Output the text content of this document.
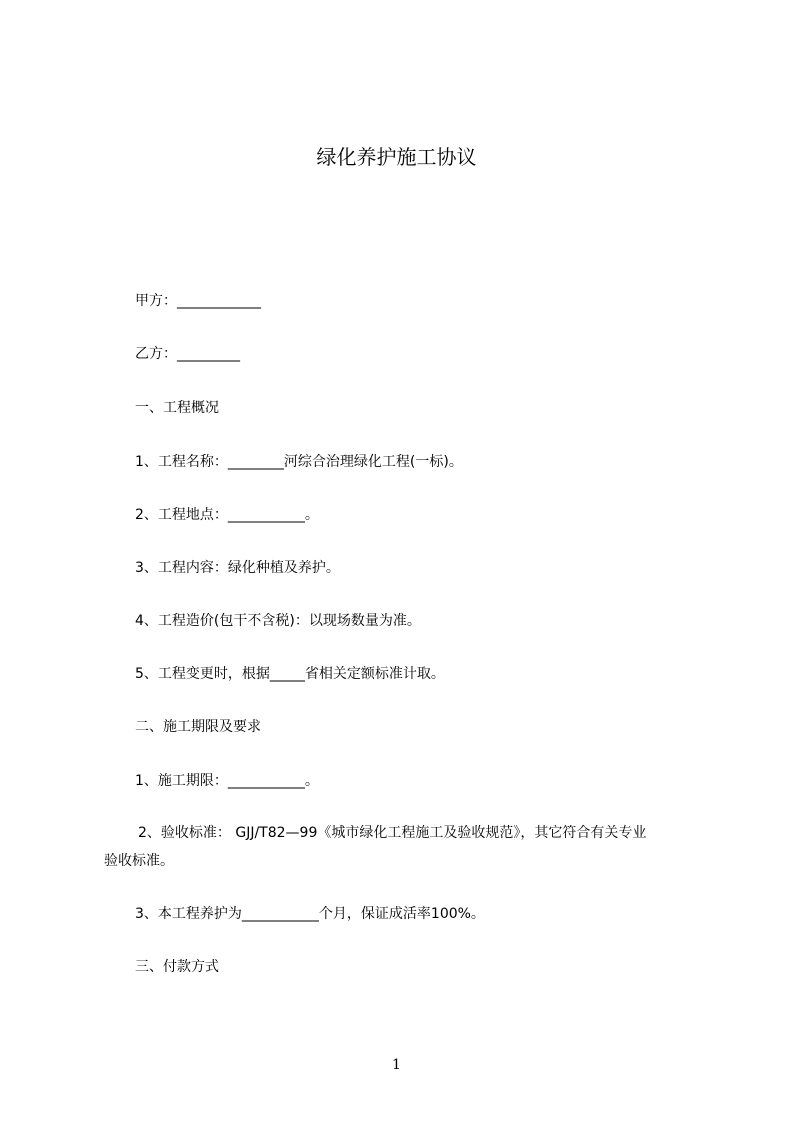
绿化养护施工协议
甲方：____________
乙方：_________
一、工程概况
1、工程名称：________河综合治理绿化工程(一标)。
2、工程地点：___________。
3、工程内容：绿化种植及养护。
4、工程造价(包干不含税)：以现场数量为准。
5、工程变更时，根据_____省相关定额标准计取。
二、施工期限及要求
1、施工期限：___________。
2、验收标准： GJJ/T82—99《城市绿化工程施工及验收规范》，其它符合有关专业
验收标准。
3、本工程养护为___________个月，保证成活率100%。
三、付款方式
1
